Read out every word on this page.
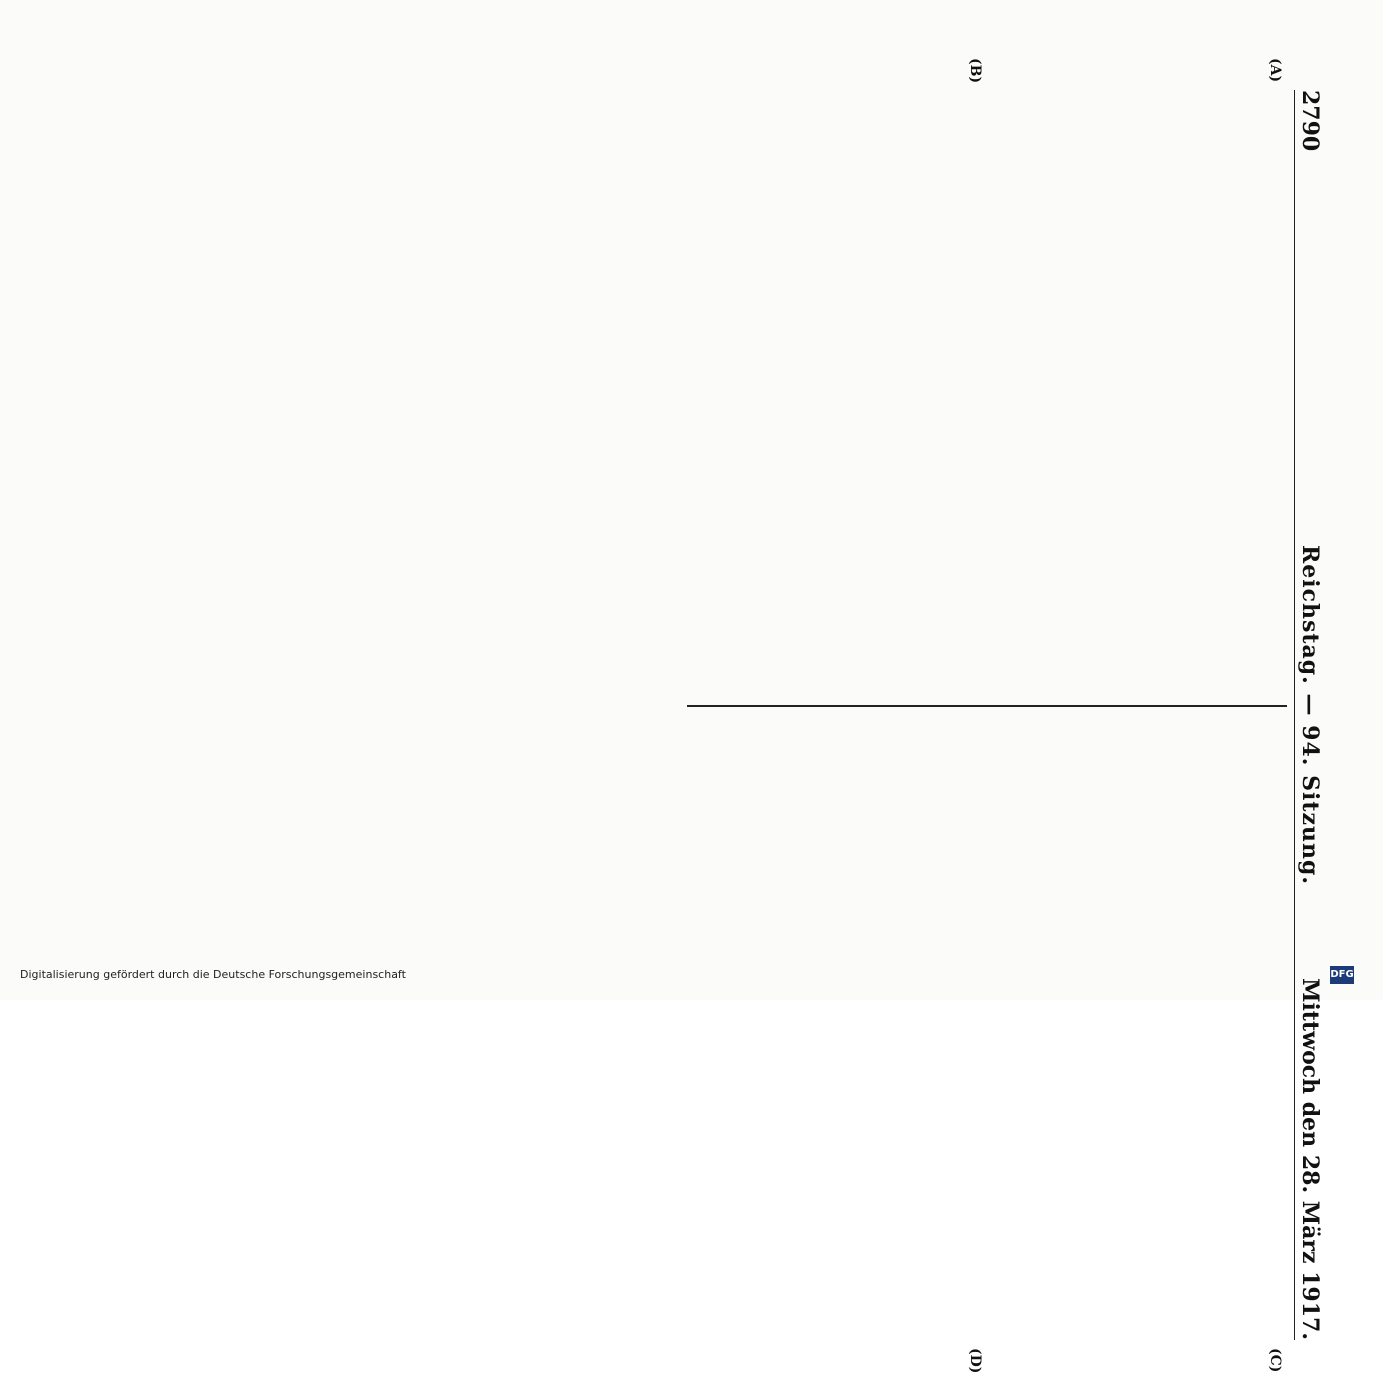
2790
Reichstag. — 94. Sitzung.
Mittwoch den 28. März 1917.
(A)
(B)
(C)
(D)
Digitalisierung gefördert durch die Deutsche Forschungsgemeinschaft	DFG
